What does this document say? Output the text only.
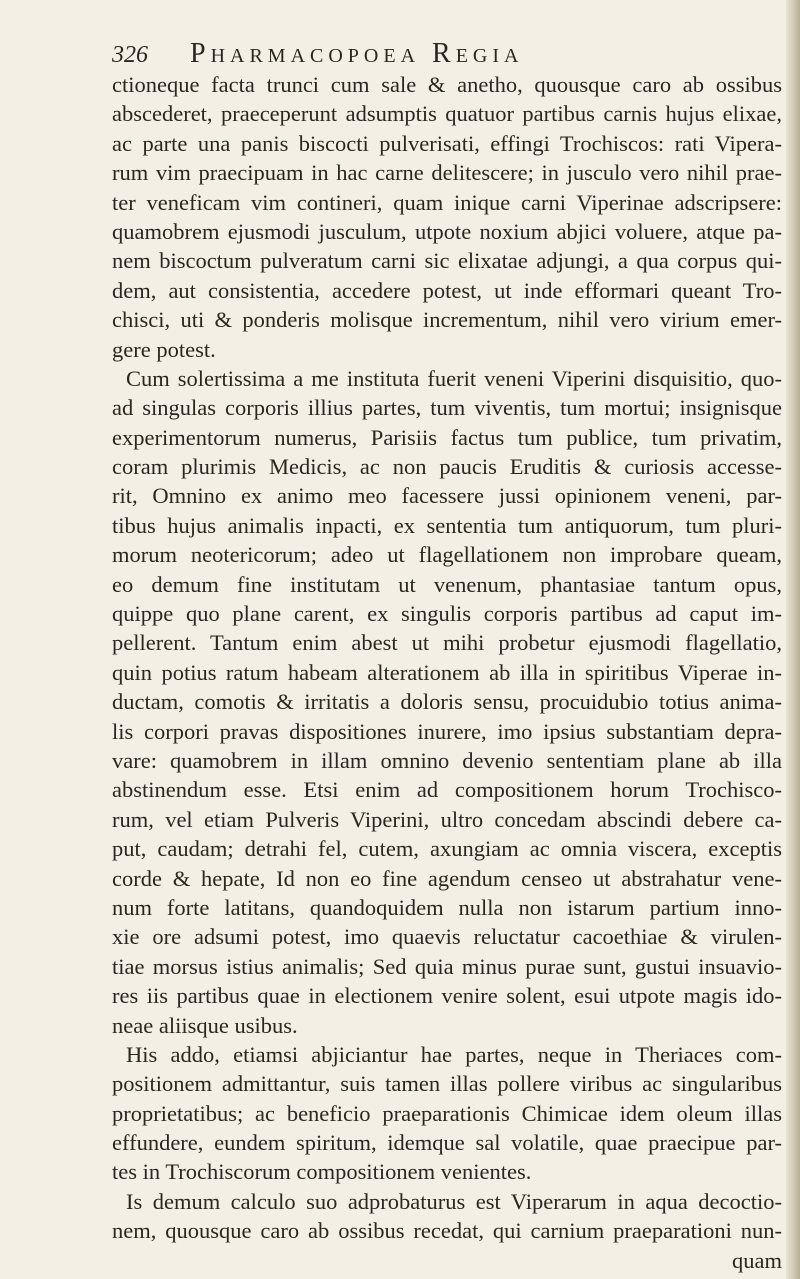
326 Pharmacopoea Regia
ctioneque facta trunci cum sale & anetho, quousque caro ab ossibus
abscederet, praeceperunt adsumptis quatuor partibus carnis hujus elixae,
ac parte una panis biscocti pulverisati, effingi Trochiscos: rati Vipera-
rum vim praecipuam in hac carne delitescere; in jusculo vero nihil prae-
ter veneficam vim contineri, quam inique carni Viperinae adscripsere:
quamobrem ejusmodi jusculum, utpote noxium abjici voluere, atque pa-
nem biscoctum pulveratum carni sic elixatae adjungi, a qua corpus qui-
dem, aut consistentia, accedere potest, ut inde efformari queant Tro-
chisci, uti & ponderis molisque incrementum, nihil vero virium emer-
gere potest.
Cum solertissima a me instituta fuerit veneni Viperini disquisitio, quo-
ad singulas corporis illius partes, tum viventis, tum mortui; insignisque
experimentorum numerus, Parisiis factus tum publice, tum privatim,
coram plurimis Medicis, ac non paucis Eruditis & curiosis accesse-
rit, Omnino ex animo meo facessere jussi opinionem veneni, par-
tibus hujus animalis inpacti, ex sententia tum antiquorum, tum pluri-
morum neotericorum; adeo ut flagellationem non improbare queam,
eo demum fine institutam ut venenum, phantasiae tantum opus,
quippe quo plane carent, ex singulis corporis partibus ad caput im-
pellerent. Tantum enim abest ut mihi probetur ejusmodi flagellatio,
quin potius ratum habeam alterationem ab illa in spiritibus Viperae in-
ductam, comotis & irritatis a doloris sensu, procuidubio totius anima-
lis corpori pravas dispositiones inurere, imo ipsius substantiam depra-
vare: quamobrem in illam omnino devenio sententiam plane ab illa
abstinendum esse. Etsi enim ad compositionem horum Trochisco-
rum, vel etiam Pulveris Viperini, ultro concedam abscindi debere ca-
put, caudam; detrahi fel, cutem, axungiam ac omnia viscera, exceptis
corde & hepate, Id non eo fine agendum censeo ut abstrahatur vene-
num forte latitans, quandoquidem nulla non istarum partium inno-
xie ore adsumi potest, imo quaevis reluctatur cacoethiae & virulen-
tiae morsus istius animalis; Sed quia minus purae sunt, gustui insuavio-
res iis partibus quae in electionem venire solent, esui utpote magis ido-
neae aliisque usibus.
His addo, etiamsi abjiciantur hae partes, neque in Theriaces com-
positionem admittantur, suis tamen illas pollere viribus ac singularibus
proprietatibus; ac beneficio praeparationis Chimicae idem oleum illas
effundere, eundem spiritum, idemque sal volatile, quae praecipue par-
tes in Trochiscorum compositionem venientes.
Is demum calculo suo adprobaturus est Viperarum in aqua decoctio-
nem, quousque caro ab ossibus recedat, qui carnium praeparationi nun-
quam
